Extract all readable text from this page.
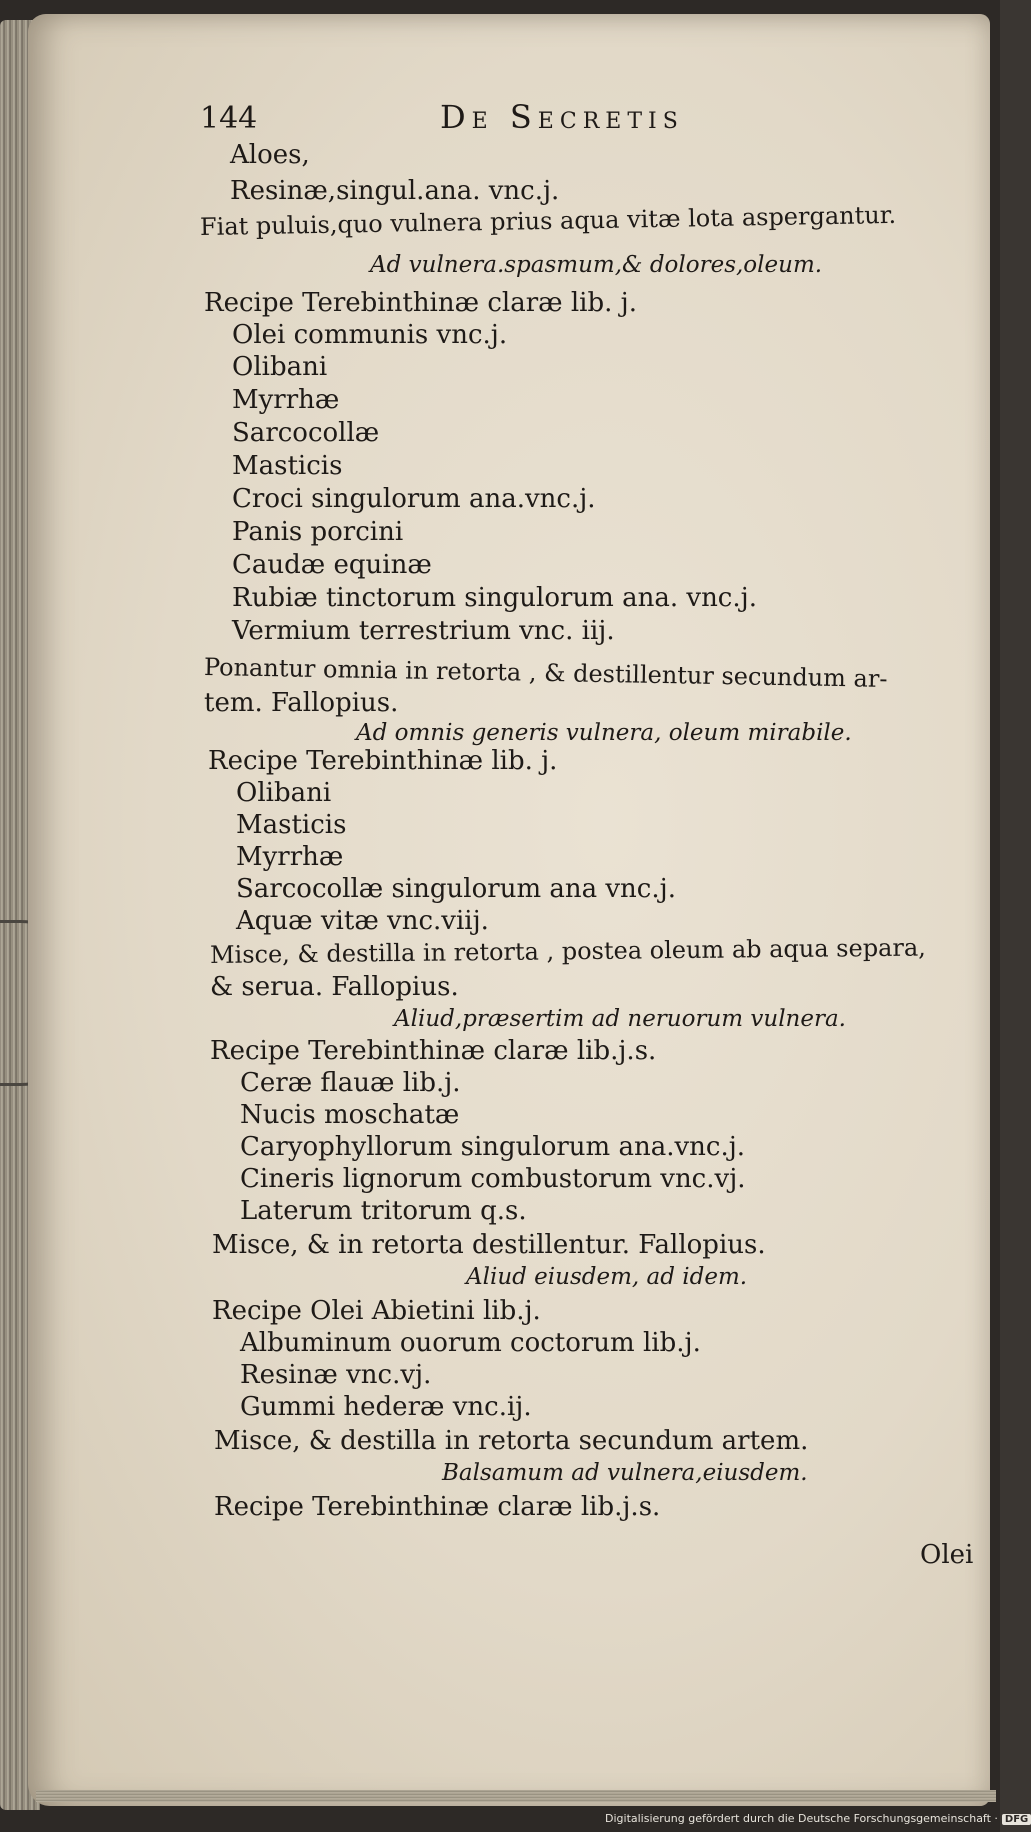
144	De Secretis
Aloes,
Resinæ,singul.ana. vnc.j.
Fiat puluis,quo vulnera prius aqua vitæ lota aspergantur.
Ad vulnera.spasmum,& dolores,oleum.
Recipe Terebinthinæ claræ lib. j.
Olei communis vnc.j.
Olibani
Myrrhæ
Sarcocollæ
Masticis
Croci singulorum ana.vnc.j.
Panis porcini
Caudæ equinæ
Rubiæ tinctorum singulorum ana. vnc.j.
Vermium terrestrium vnc. iij.
Ponantur omnia in retorta , & destillentur secundum ar-
tem. Fallopius.
Ad omnis generis vulnera, oleum mirabile.
Recipe Terebinthinæ lib. j.
Olibani
Masticis
Myrrhæ
Sarcocollæ singulorum ana vnc.j.
Aquæ vitæ vnc.viij.
Misce, & destilla in retorta , postea oleum ab aqua separa,
& serua. Fallopius.
Aliud,præsertim ad neruorum vulnera.
Recipe Terebinthinæ claræ lib.j.s.
Ceræ flauæ lib.j.
Nucis moschatæ
Caryophyllorum singulorum ana.vnc.j.
Cineris lignorum combustorum vnc.vj.
Laterum tritorum q.s.
Misce, & in retorta destillentur. Fallopius.
Aliud eiusdem, ad idem.
Recipe Olei Abietini lib.j.
Albuminum ouorum coctorum lib.j.
Resinæ vnc.vj.
Gummi hederæ vnc.ij.
Misce, & destilla in retorta secundum artem.
Balsamum ad vulnera,eiusdem.
Recipe Terebinthinæ claræ lib.j.s.
Olei
Digitalisierung gefördert durch die Deutsche Forschungsgemeinschaft · DFG
